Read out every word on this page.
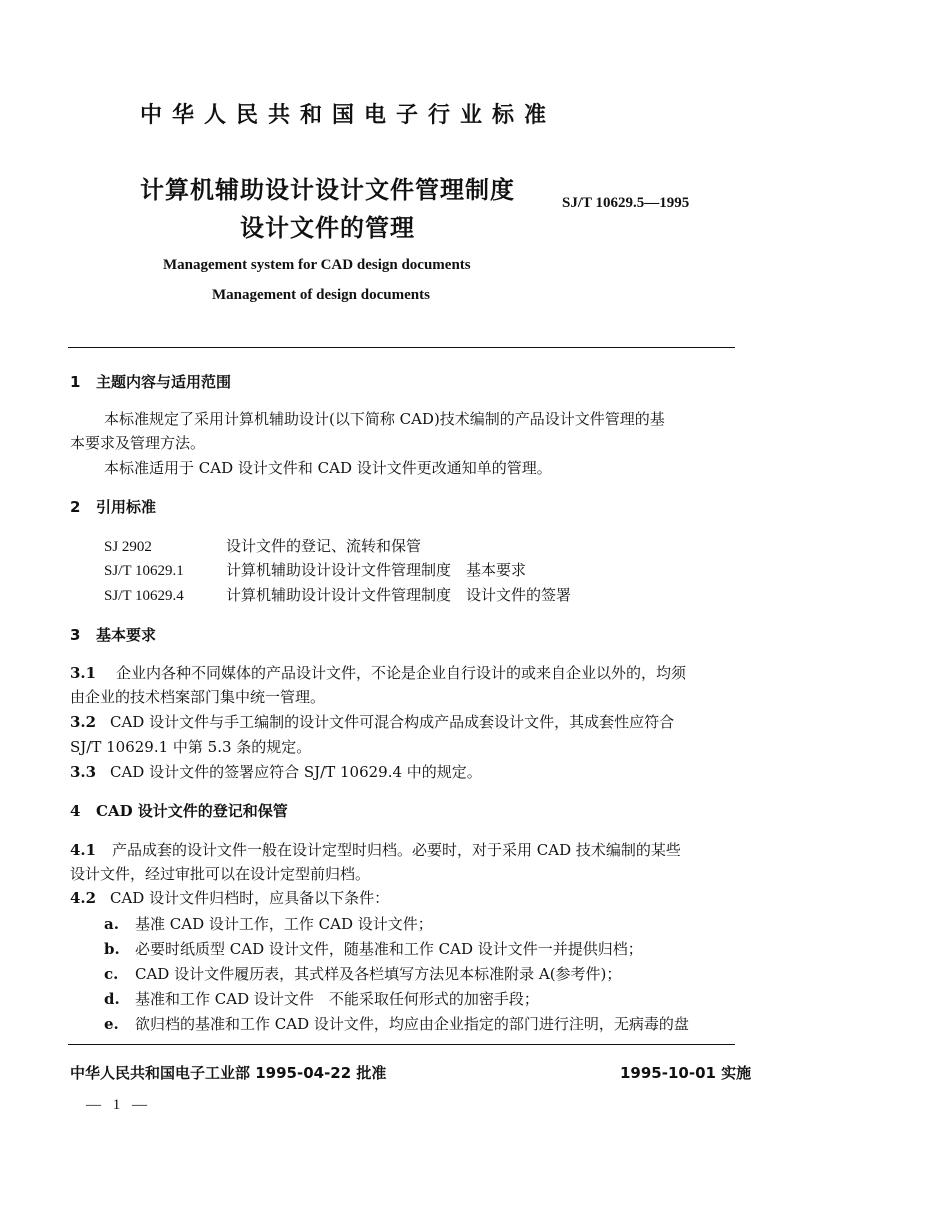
中华人民共和国电子行业标准
计算机辅助设计设计文件管理制度
设计文件的管理
SJ/T 10629.5—1995
Management system for CAD design documents
Management of design documents
1 主题内容与适用范围
本标准规定了采用计算机辅助设计(以下简称 CAD)技术编制的产品设计文件管理的基
本要求及管理方法。
本标准适用于 CAD 设计文件和 CAD 设计文件更改通知单的管理。
2 引用标准
SJ 2902	设计文件的登记、流转和保管
SJ/T 10629.1	计算机辅助设计设计文件管理制度　基本要求
SJ/T 10629.4	计算机辅助设计设计文件管理制度　设计文件的签署
3 基本要求
3.1 企业内各种不同媒体的产品设计文件，不论是企业自行设计的或来自企业以外的，均须
由企业的技术档案部门集中统一管理。
3.2 CAD 设计文件与手工编制的设计文件可混合构成产品成套设计文件，其成套性应符合
SJ/T 10629.1 中第 5.3 条的规定。
3.3 CAD 设计文件的签署应符合 SJ/T 10629.4 中的规定。
4 CAD 设计文件的登记和保管
4.1 产品成套的设计文件一般在设计定型时归档。必要时，对于采用 CAD 技术编制的某些
设计文件，经过审批可以在设计定型前归档。
4.2 CAD 设计文件归档时，应具备以下条件：
a. 基准 CAD 设计工作，工作 CAD 设计文件；
b. 必要时纸质型 CAD 设计文件，随基准和工作 CAD 设计文件一并提供归档；
c. CAD 设计文件履历表，其式样及各栏填写方法见本标准附录 A(参考件)；
d. 基准和工作 CAD 设计文件　不能采取任何形式的加密手段；
e. 欲归档的基准和工作 CAD 设计文件，均应由企业指定的部门进行注明，无病毒的盘
中华人民共和国电子工业部 1995-04-22 批准	1995-10-01 实施
— 1 —
